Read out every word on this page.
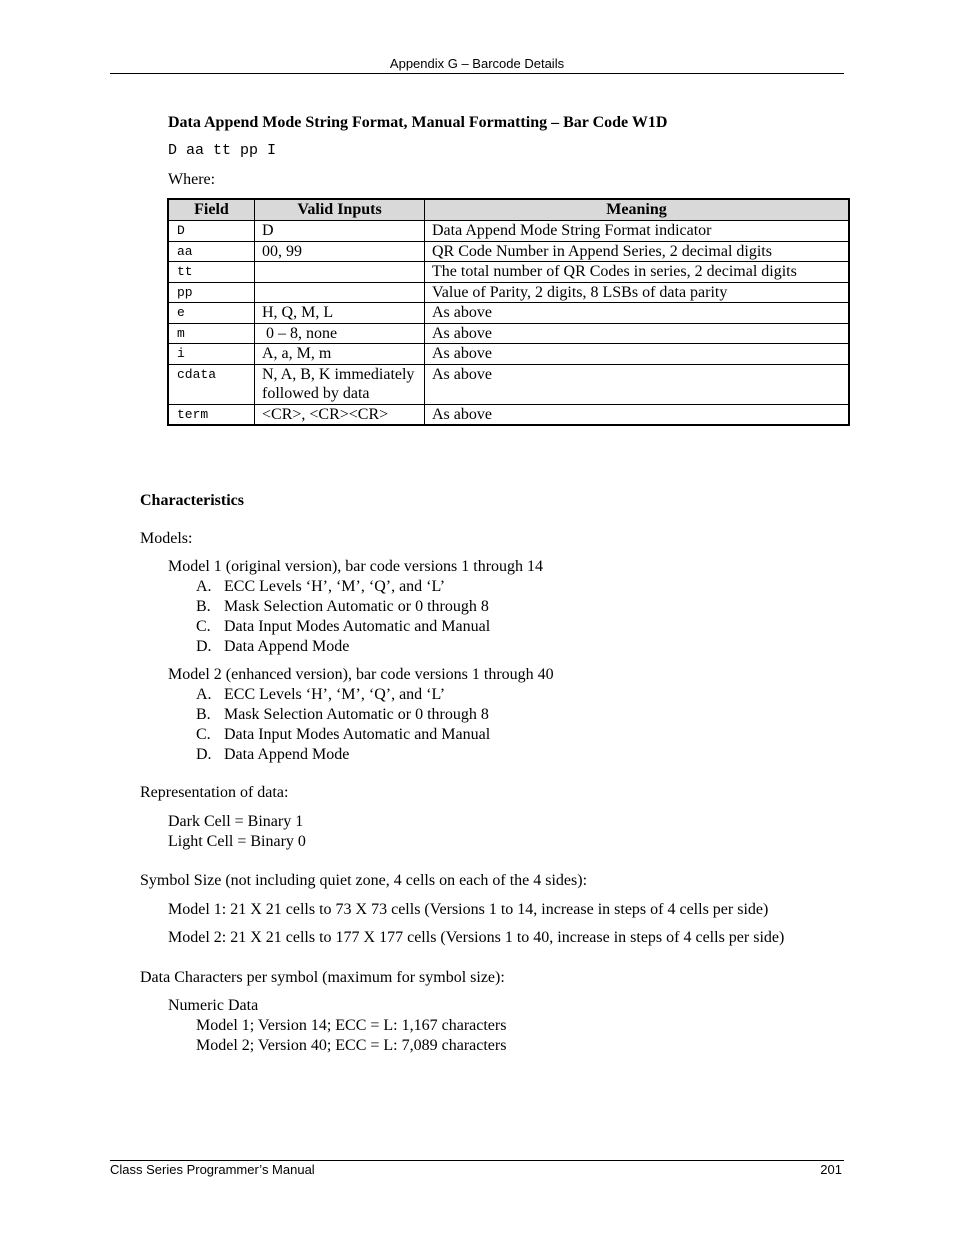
Appendix G – Barcode Details
Data Append Mode String Format, Manual Formatting – Bar Code W1D
D aa tt pp I
Where:
Field	Valid Inputs	Meaning
D	D	Data Append Mode String Format indicator
aa	00, 99	QR Code Number in Append Series, 2 decimal digits
tt		The total number of QR Codes in series, 2 decimal digits
pp		Value of Parity, 2 digits, 8 LSBs of data parity
e	H, Q, M, L	As above
m	0 – 8, none	As above
i	A, a, M, m	As above
cdata	N, A, B, K immediately followed by data	As above
term	<CR>, <CR><CR>	As above
Characteristics
Models:
Model 1 (original version), bar code versions 1 through 14
A. ECC Levels ‘H’, ‘M’, ‘Q’, and ‘L’
B. Mask Selection Automatic or 0 through 8
C. Data Input Modes Automatic and Manual
D. Data Append Mode
Model 2 (enhanced version), bar code versions 1 through 40
A. ECC Levels ‘H’, ‘M’, ‘Q’, and ‘L’
B. Mask Selection Automatic or 0 through 8
C. Data Input Modes Automatic and Manual
D. Data Append Mode
Representation of data:
Dark Cell = Binary 1
Light Cell = Binary 0
Symbol Size (not including quiet zone, 4 cells on each of the 4 sides):
Model 1: 21 X 21 cells to 73 X 73 cells (Versions 1 to 14, increase in steps of 4 cells per side)
Model 2: 21 X 21 cells to 177 X 177 cells (Versions 1 to 40, increase in steps of 4 cells per side)
Data Characters per symbol (maximum for symbol size):
Numeric Data
Model 1; Version 14; ECC = L: 1,167 characters
Model 2; Version 40; ECC = L: 7,089 characters
Class Series Programmer’s Manual	201
